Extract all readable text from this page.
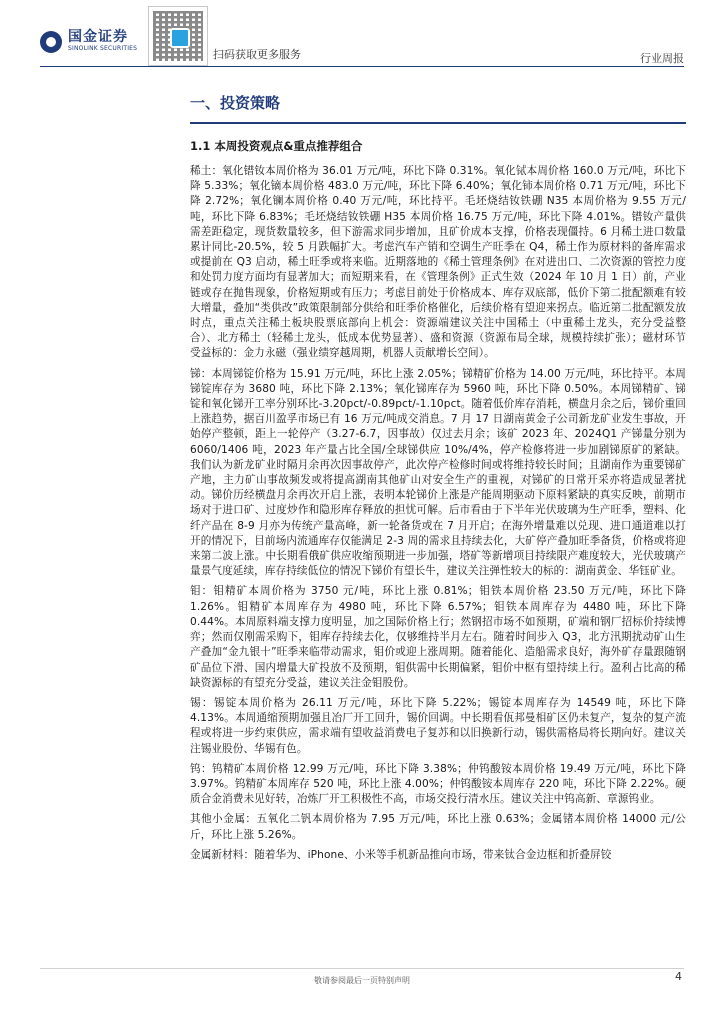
国金证券
SINOLINK SECURITIES	扫码获取更多服务	行业周报
一、投资策略
1.1 本周投资观点&重点推荐组合

稀土：氧化镨钕本周价格为 36.01 万元/吨，环比下降 0.31%。氧化铽本周价格 160.0 万元/吨，环比下降 5.33%；氧化镝本周价格 483.0 万元/吨，环比下降 6.40%；氧化铈本周价格 0.71 万元/吨，环比下降 2.72%；氧化镧本周价格 0.40 万元/吨，环比持平。毛坯烧结钕铁硼 N35 本周价格为 9.55 万元/吨，环比下降 6.83%；毛坯烧结钕铁硼 H35 本周价格 16.75 万元/吨，环比下降 4.01%。镨钕产量供需差距稳定，现货数量较多，但下游需求同步增加，且矿价成本支撑，价格表现僵持。6 月稀土进口数量累计同比-20.5%，较 5 月跌幅扩大。考虑汽车产销和空调生产旺季在 Q4，稀土作为原材料的备库需求或提前在 Q3 启动，稀土旺季或将来临。近期落地的《稀土管理条例》在对进出口、二次资源的管控力度和处罚力度方面均有显著加大；而短期来看，在《管理条例》正式生效（2024 年 10 月 1 日）前，产业链或存在抛售现象，价格短期或有压力；考虑目前处于价格成本、库存双底部，低价下第二批配额难有较大增量，叠加“类供改”政策限制部分供给和旺季价格催化，后续价格有望迎来拐点。临近第二批配额发放时点，重点关注稀土板块股票底部向上机会：资源端建议关注中国稀土（中重稀土龙头，充分受益整合）、北方稀土（轻稀土龙头，低成本优势显著）、盛和资源（资源布局全球，规模持续扩张）；磁材环节受益标的：金力永磁（强业绩穿越周期，机器人贡献增长空间）。

锑：本周锑锭价格为 15.91 万元/吨，环比上涨 2.05%；锑精矿价格为 14.00 万元/吨，环比持平。本周锑锭库存为 3680 吨，环比下降 2.13%；氧化锑库存为 5960 吨，环比下降 0.50%。本周锑精矿、锑锭和氧化锑开工率分别环比-3.20pct/-0.89pct/-1.10pct。随着低价库存消耗，横盘月余之后，锑价重回上涨趋势，据百川盈孚市场已有 16 万元/吨成交消息。7 月 17 日湖南黄金子公司新龙矿业发生事故，开始停产整顿，距上一轮停产（3.27-6.7，因事故）仅过去月余；该矿 2023 年、2024Q1 产锑量分别为 6060/1406 吨，2023 年产量占比全国/全球锑供应 10%/4%，停产检修将进一步加剧锑原矿的紧缺。我们认为新龙矿业时隔月余再次因事故停产，此次停产检修时间或将维持较长时间；且湖南作为重要锑矿产地，主力矿山事故频发或将提高湖南其他矿山对安全生产的重视，对锑矿的日常开采亦将造成显著扰动。锑价历经横盘月余再次开启上涨，表明本轮锑价上涨是产能周期驱动下原料紧缺的真实反映，前期市场对于进口矿、过度炒作和隐形库存释放的担忧可解。后市看由于下半年光伏玻璃为生产旺季，塑料、化纤产品在 8-9 月亦为传统产量高峰，新一轮备货或在 7 月开启；在海外增量难以兑现、进口通道难以打开的情况下，目前场内流通库存仅能满足 2-3 周的需求且持续去化，大矿停产叠加旺季备货，价格或将迎来第二波上涨。中长期看俄矿供应收缩预期进一步加强，塔矿等新增项目持续限产难度较大，光伏玻璃产量景气度延续，库存持续低位的情况下锑价有望长牛，建议关注弹性较大的标的：湖南黄金、华钰矿业。

钼：钼精矿本周价格为 3750 元/吨，环比上涨 0.81%；钼铁本周价格 23.50 万元/吨，环比下降 1.26%。钼精矿本周库存为 4980 吨，环比下降 6.57%；钼铁本周库存为 4480 吨，环比下降 0.44%。本周原料端支撑力度明显，加之国际价格上行；然钢招市场不如预期，矿端和钢厂招标价持续博弈；然而仅刚需采购下，钼库存持续去化，仅够维持半月左右。随着时间步入 Q3，北方汛期扰动矿山生产叠加“金九银十”旺季来临带动需求，钼价或迎上涨周期。随着能化、造船需求良好，海外矿存量跟随钢矿品位下滑、国内增量大矿投放不及预期，钼供需中长期偏紧，钼价中枢有望持续上行。盈利占比高的稀缺资源标的有望充分受益，建议关注金钼股份。

锡：锡锭本周价格为 26.11 万元/吨，环比下降 5.22%；锡锭本周库存为 14549 吨，环比下降 4.13%。本周通缩预期加强且冶厂开工回升，锡价回调。中长期看佤邦曼相矿区仍未复产，复杂的复产流程或将进一步约束供应，需求端有望收益消费电子复苏和以旧换新行动，锡供需格局将长期向好。建议关注锡业股份、华锡有色。

钨：钨精矿本周价格 12.99 万元/吨，环比下降 3.38%；仲钨酸铵本周价格 19.49 万元/吨，环比下降 3.97%。钨精矿本周库存 520 吨，环比上涨 4.00%；仲钨酸铵本周库存 220 吨，环比下降 2.22%。硬质合金消费未见好转，冶炼厂开工积极性不高，市场交投行清水压。建议关注中钨高新、章源钨业。

其他小金属：五氧化二钒本周价格为 7.95 万元/吨，环比上涨 0.63%；金属锗本周价格 14000 元/公斤，环比上涨 5.26%。

金属新材料：随着华为、iPhone、小米等手机新品推向市场，带来钛合金边框和折叠屏铰

敬请参阅最后一页特别声明	4
